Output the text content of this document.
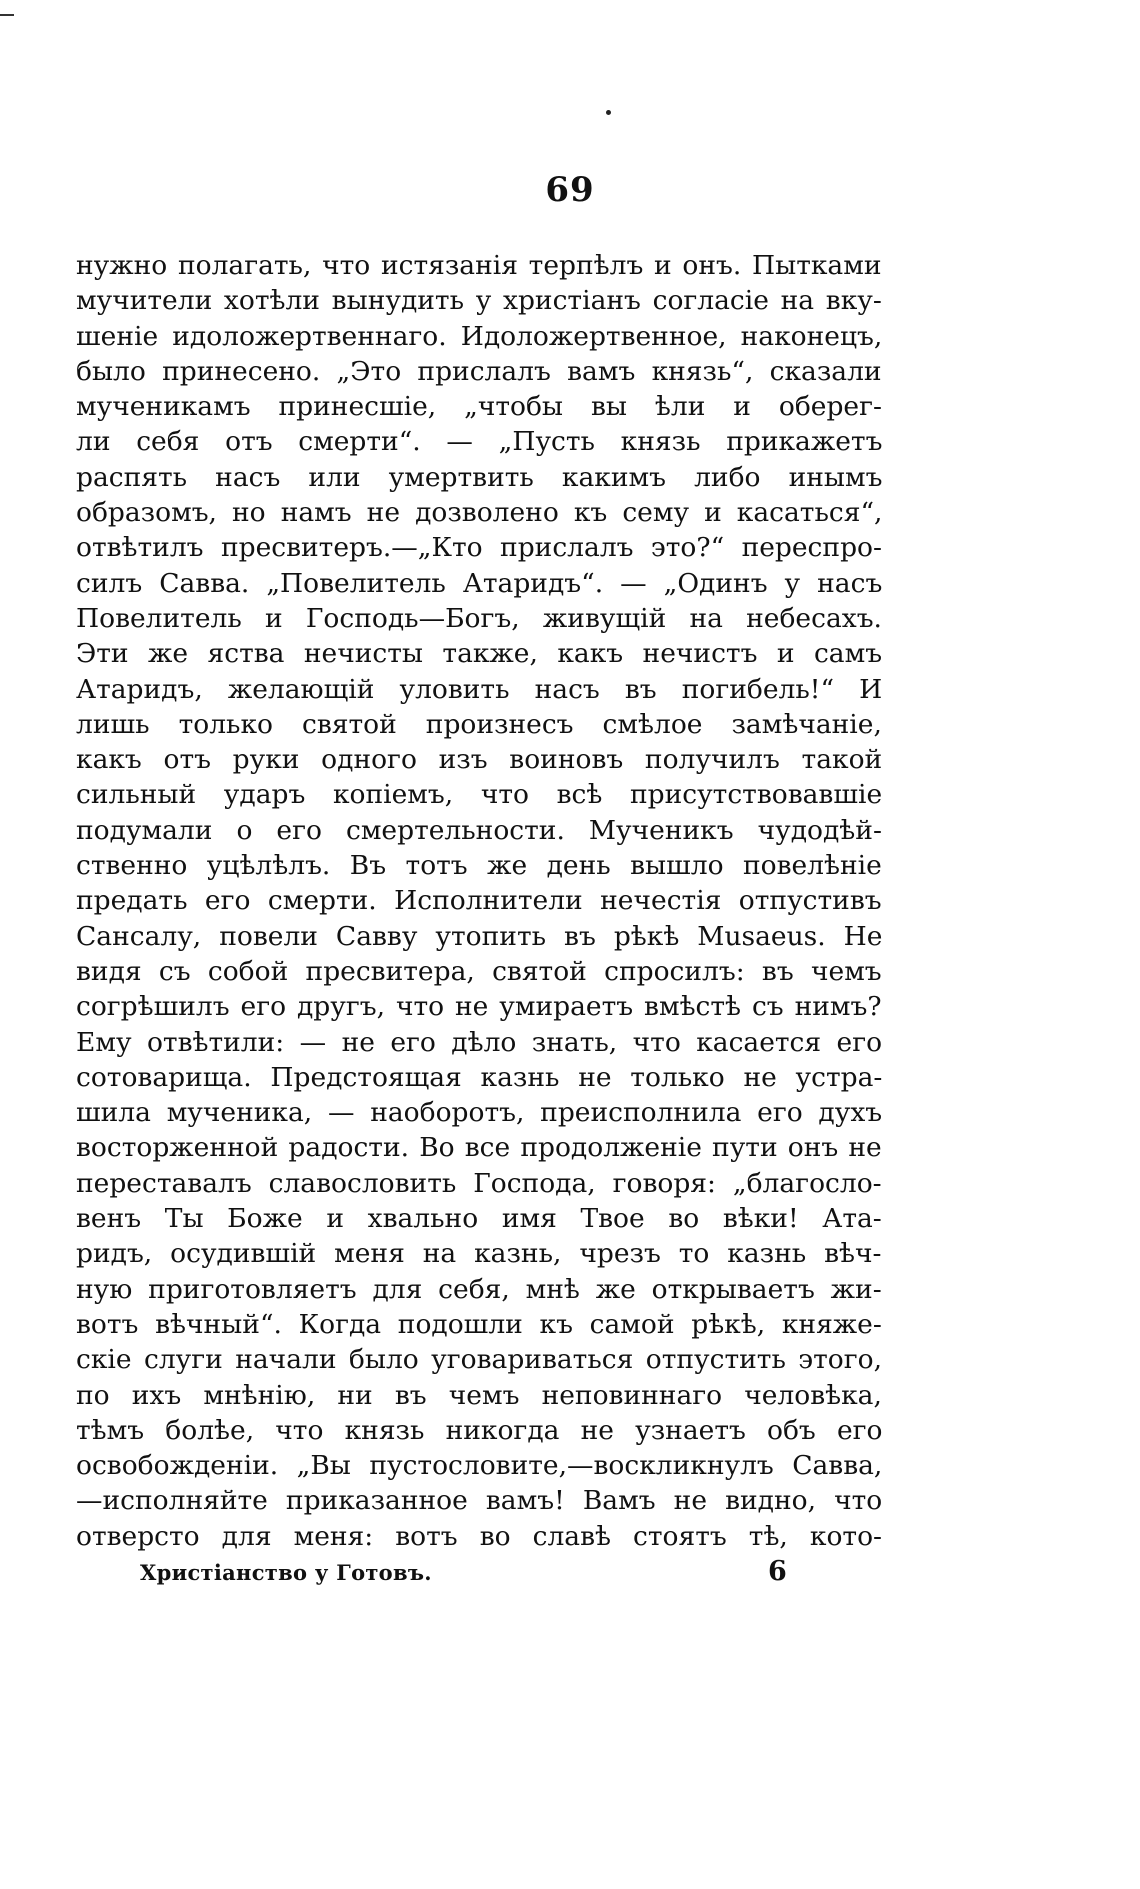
69
нужно полагать, что истязанія терпѣлъ и онъ. Пытками
мучители хотѣли вынудить у христіанъ согласіе на вку-
шеніе идоложертвеннаго. Идоложертвенное, наконецъ,
было принесено. „Это прислалъ вамъ князь“, сказали
мученикамъ принесшіе, „чтобы вы ѣли и оберег-
ли себя отъ смерти“. — „Пусть князь прикажетъ
распять насъ или умертвить какимъ либо инымъ
образомъ, но намъ не дозволено къ сему и касаться“,
отвѣтилъ пресвитеръ.—„Кто прислалъ это?“ переспро-
силъ Савва. „Повелитель Атаридъ“. — „Одинъ у насъ
Повелитель и Господь—Богъ, живущій на небесахъ.
Эти же яства нечисты также, какъ нечистъ и самъ
Атаридъ, желающій уловить насъ въ погибель!“ И
лишь только святой произнесъ смѣлое замѣчаніе,
какъ отъ руки одного изъ воиновъ получилъ такой
сильный ударъ копіемъ, что всѣ присутствовавшіе
подумали о его смертельности. Мученикъ чудодѣй-
ственно уцѣлѣлъ. Въ тотъ же день вышло повелѣніе
предать его смерти. Исполнители нечестія отпустивъ
Сансалу, повели Савву утопить въ рѣкѣ Musaeus. Не
видя съ собой пресвитера, святой спросилъ: въ чемъ
согрѣшилъ его другъ, что не умираетъ вмѣстѣ съ нимъ?
Ему отвѣтили: — не его дѣло знать, что касается его
сотоварища. Предстоящая казнь не только не устра-
шила мученика, — наоборотъ, преисполнила его духъ
восторженной радости. Во все продолженіе пути онъ не
переставалъ славословить Господа, говоря: „благосло-
венъ Ты Боже и хвально имя Твое во вѣки! Ата-
ридъ, осудившій меня на казнь, чрезъ то казнь вѣч-
ную приготовляетъ для себя, мнѣ же открываетъ жи-
вотъ вѣчный“. Когда подошли къ самой рѣкѣ, княже-
скіе слуги начали было уговариваться отпустить этого,
по ихъ мнѣнію, ни въ чемъ неповиннаго человѣка,
тѣмъ болѣе, что князь никогда не узнаетъ объ его
освобожденіи. „Вы пустословите,—воскликнулъ Савва,
—исполняйте приказанное вамъ! Вамъ не видно, что
отверсто для меня: вотъ во славѣ стоятъ тѣ, кото-
Христіанство у Готовъ.	6
